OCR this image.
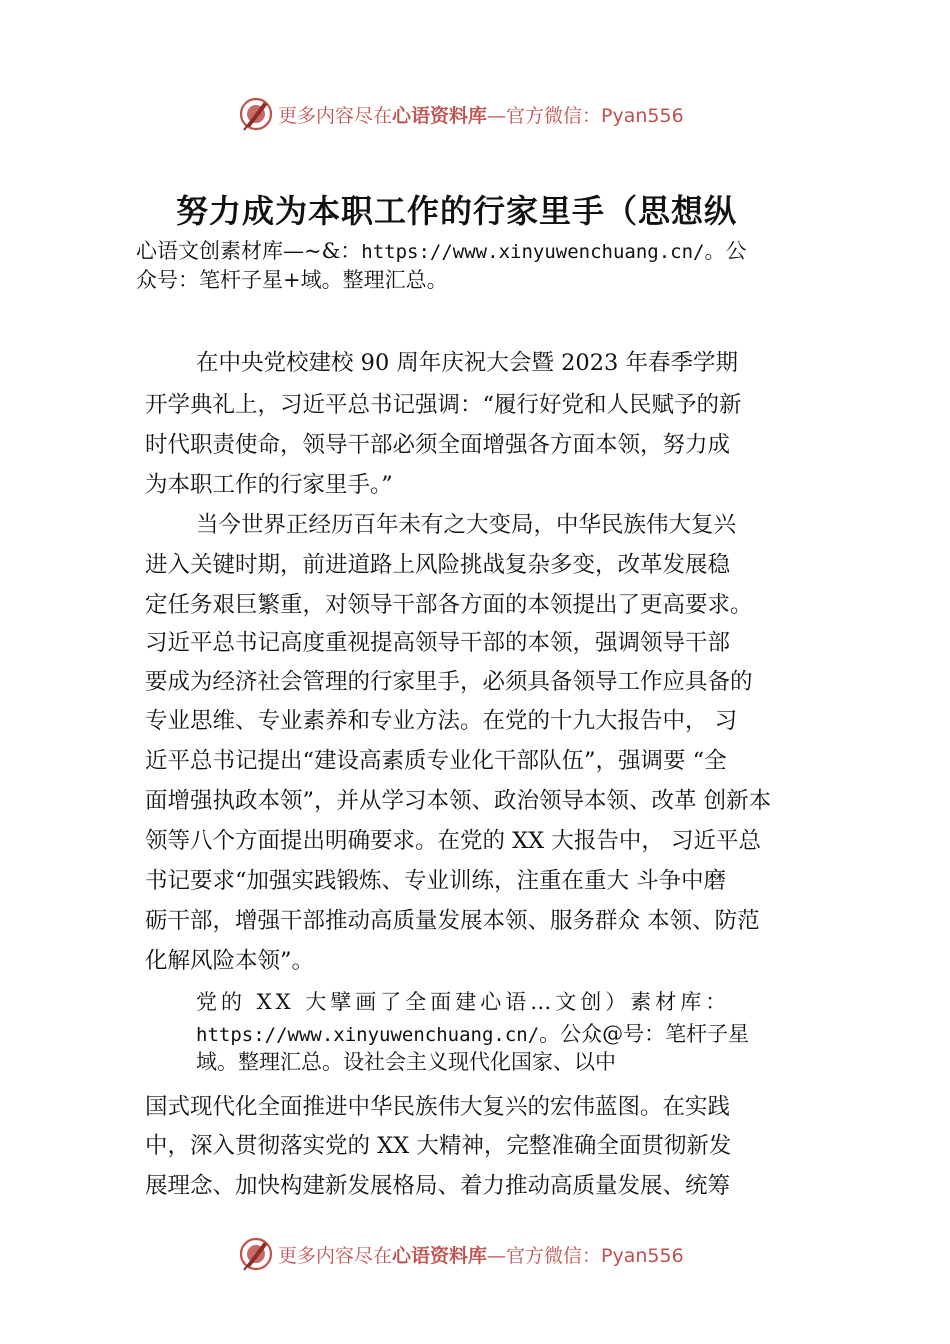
更多内容尽在心语资料库—官方微信：Pyan556
努力成为本职工作的行家里手（思想纵
心语文创素材库—~&：https://www.xinyuwenchuang.cn/。公
众号：笔杆子星+域。整理汇总。
在中央党校建校 90 周年庆祝大会暨 2023 年春季学期
开学典礼上，习近平总书记强调：“履行好党和人民赋予的新
时代职责使命，领导干部必须全面增强各方面本领，努力成
为本职工作的行家里手。”
当今世界正经历百年未有之大变局，中华民族伟大复兴
进入关键时期，前进道路上风险挑战复杂多变，改革发展稳
定任务艰巨繁重，对领导干部各方面的本领提出了更高要求。
习近平总书记高度重视提高领导干部的本领，强调领导干部
要成为经济社会管理的行家里手，必须具备领导工作应具备的
专业思维、专业素养和专业方法。在党的十九大报告中， 习
近平总书记提出“建设高素质专业化干部队伍”，强调要 “全
面增强执政本领”，并从学习本领、政治领导本领、改革 创新本
领等八个方面提出明确要求。在党的 XX 大报告中， 习近平总
书记要求“加强实践锻炼、专业训练，注重在重大 斗争中磨
砺干部，增强干部推动高质量发展本领、服务群众 本领、防范
化解风险本领”。
党的 XX 大擘画了全面建心语…文创）素材库：
https://www.xinyuwenchuang.cn/。公众@号：笔杆子星
域。整理汇总。设社会主义现代化国家、以中
国式现代化全面推进中华民族伟大复兴的宏伟蓝图。在实践
中，深入贯彻落实党的 XX 大精神，完整准确全面贯彻新发
展理念、加快构建新发展格局、着力推动高质量发展、统筹
更多内容尽在心语资料库—官方微信：Pyan556
